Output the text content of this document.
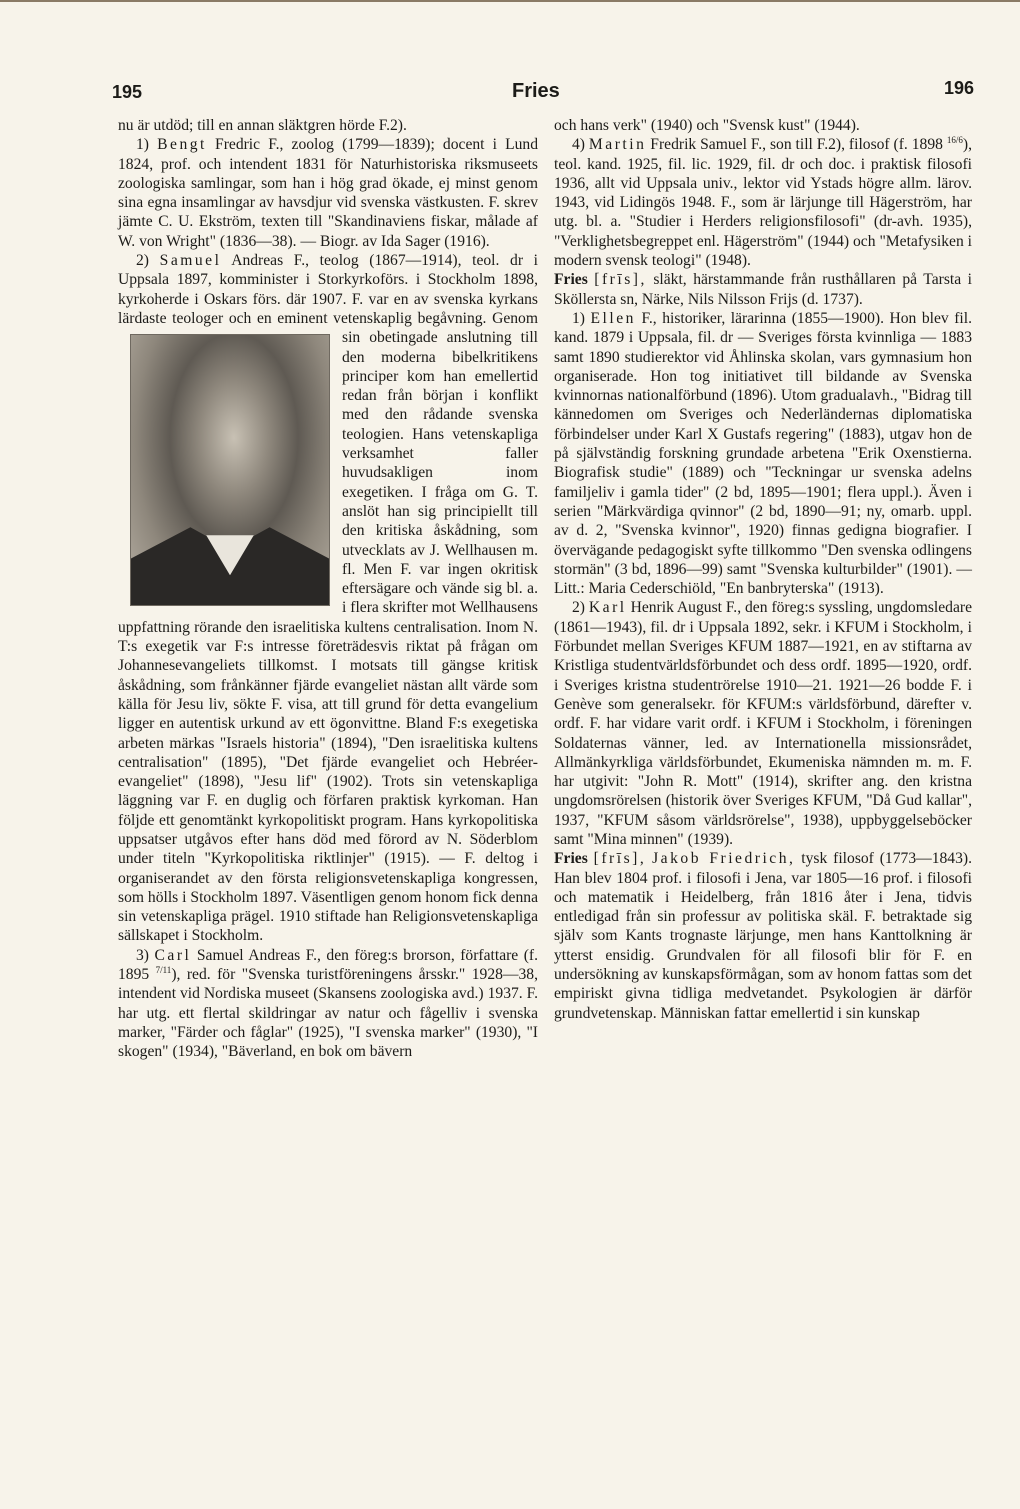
195	Fries	196

nu är utdöd; till en annan släktgren hörde F.2).

1) Bengt Fredric F., zoolog (1799—1839); docent i Lund 1824, prof. och intendent 1831 för Naturhistoriska riksmuseets zoologiska samlingar, som han i hög grad ökade, ej minst genom sina egna insamlingar av havsdjur vid svenska västkusten. F. skrev jämte C. U. Ekström, texten till "Skandinaviens fiskar, målade af W. von Wright" (1836—38). — Biogr. av Ida Sager (1916).

2) Samuel Andreas F., teolog (1867—1914), teol. dr i Uppsala 1897, komminister i Storkyrkoförs. i Stockholm 1898, kyrkoherde i Oskars förs. där 1907. F. var en av svenska kyrkans lärdaste teologer och en eminent vetenskaplig begåvning. Genom sin obetingade anslutning till den moderna bibelkritikens principer kom han emellertid redan från början i konflikt med den rådande svenska teologien. Hans vetenskapliga verksamhet faller huvudsakligen inom exegetiken. I fråga om G. T. anslöt han sig principiellt till den kritiska åskådning, som utvecklats av J. Wellhausen m. fl. Men F. var ingen okritisk eftersägare och vände sig bl. a. i flera skrifter mot Wellhausens uppfattning rörande den israelitiska kultens centralisation. Inom N. T:s exegetik var F:s intresse företrädesvis riktat på frågan om Johannesevangeliets tillkomst. I motsats till gängse kritisk åskådning, som frånkänner fjärde evangeliet nästan allt värde som källa för Jesu liv, sökte F. visa, att till grund för detta evangelium ligger en autentisk urkund av ett ögonvittne. Bland F:s exegetiska arbeten märkas "Israels historia" (1894), "Den israelitiska kultens centralisation" (1895), "Det fjärde evangeliet och Hebréer-evangeliet" (1898), "Jesu lif" (1902). Trots sin vetenskapliga läggning var F. en duglig och förfaren praktisk kyrkoman. Han följde ett genomtänkt kyrkopolitiskt program. Hans kyrkopolitiska uppsatser utgåvos efter hans död med förord av N. Söderblom under titeln "Kyrkopolitiska riktlinjer" (1915). — F. deltog i organiserandet av den första religionsvetenskapliga kongressen, som hölls i Stockholm 1897. Väsentligen genom honom fick denna sin vetenskapliga prägel. 1910 stiftade han Religionsvetenskapliga sällskapet i Stockholm.

3) Carl Samuel Andreas F., den föreg:s brorson, författare (f. 1895 $^{7/11}$), red. för "Svenska turistföreningens årsskr." 1928—38, intendent vid Nordiska museet (Skansens zoologiska avd.) 1937. F. har utg. ett flertal skildringar av natur och fågelliv i svenska marker, "Färder och fåglar" (1925), "I svenska marker" (1930), "I skogen" (1934), "Bäverland, en bok om bävern

och hans verk" (1940) och "Svensk kust" (1944).

4) Martin Fredrik Samuel F., son till F.2), filosof (f. 1898 $^{16/6}$), teol. kand. 1925, fil. lic. 1929, fil. dr och doc. i praktisk filosofi 1936, allt vid Uppsala univ., lektor vid Ystads högre allm. lärov. 1943, vid Lidingös 1948. F., som är lärjunge till Hägerström, har utg. bl. a. "Studier i Herders religionsfilosofi" (dr-avh. 1935), "Verklighetsbegreppet enl. Hägerström" (1944) och "Metafysiken i modern svensk teologi" (1948).

Fries [frīs], släkt, härstammande från rusthållaren på Tarsta i Sköllersta sn, Närke, Nils Nilsson Frijs (d. 1737).

1) Ellen F., historiker, lärarinna (1855—1900). Hon blev fil. kand. 1879 i Uppsala, fil. dr — Sveriges första kvinnliga — 1883 samt 1890 studierektor vid Åhlinska skolan, vars gymnasium hon organiserade. Hon tog initiativet till bildande av Svenska kvinnornas nationalförbund (1896). Utom gradualavh., "Bidrag till kännedomen om Sveriges och Nederländernas diplomatiska förbindelser under Karl X Gustafs regering" (1883), utgav hon de på självständig forskning grundade arbetena "Erik Oxenstierna. Biografisk studie" (1889) och "Teckningar ur svenska adelns familjeliv i gamla tider" (2 bd, 1895—1901; flera uppl.). Även i serien "Märkvärdiga qvinnor" (2 bd, 1890—91; ny, omarb. uppl. av d. 2, "Svenska kvinnor", 1920) finnas gedigna biografier. I övervägande pedagogiskt syfte tillkommo "Den svenska odlingens stormän" (3 bd, 1896—99) samt "Svenska kulturbilder" (1901). — Litt.: Maria Cederschiöld, "En banbryterska" (1913).

2) Karl Henrik August F., den föreg:s syssling, ungdomsledare (1861—1943), fil. dr i Uppsala 1892, sekr. i KFUM i Stockholm, i Förbundet mellan Sveriges KFUM 1887—1921, en av stiftarna av Kristliga studentvärldsförbundet och dess ordf. 1895—1920, ordf. i Sveriges kristna studentrörelse 1910—21. 1921—26 bodde F. i Genève som generalsekr. för KFUM:s världsförbund, därefter v. ordf. F. har vidare varit ordf. i KFUM i Stockholm, i föreningen Soldaternas vänner, led. av Internationella missionsrådet, Allmänkyrkliga världsförbundet, Ekumeniska nämnden m. m. F. har utgivit: "John R. Mott" (1914), skrifter ang. den kristna ungdomsrörelsen (historik över Sveriges KFUM, "Då Gud kallar", 1937, "KFUM såsom världsrörelse", 1938), uppbyggelseböcker samt "Mina minnen" (1939).

Fries [frīs], Jakob Friedrich, tysk filosof (1773—1843). Han blev 1804 prof. i filosofi i Jena, var 1805—16 prof. i filosofi och matematik i Heidelberg, från 1816 åter i Jena, tidvis entledigad från sin professur av politiska skäl. F. betraktade sig själv som Kants trognaste lärjunge, men hans Kanttolkning är ytterst ensidig. Grundvalen för all filosofi blir för F. en undersökning av kunskapsförmågan, som av honom fattas som det empiriskt givna tidliga medvetandet. Psykologien är därför grundvetenskap. Människan fattar emellertid i sin kunskap
